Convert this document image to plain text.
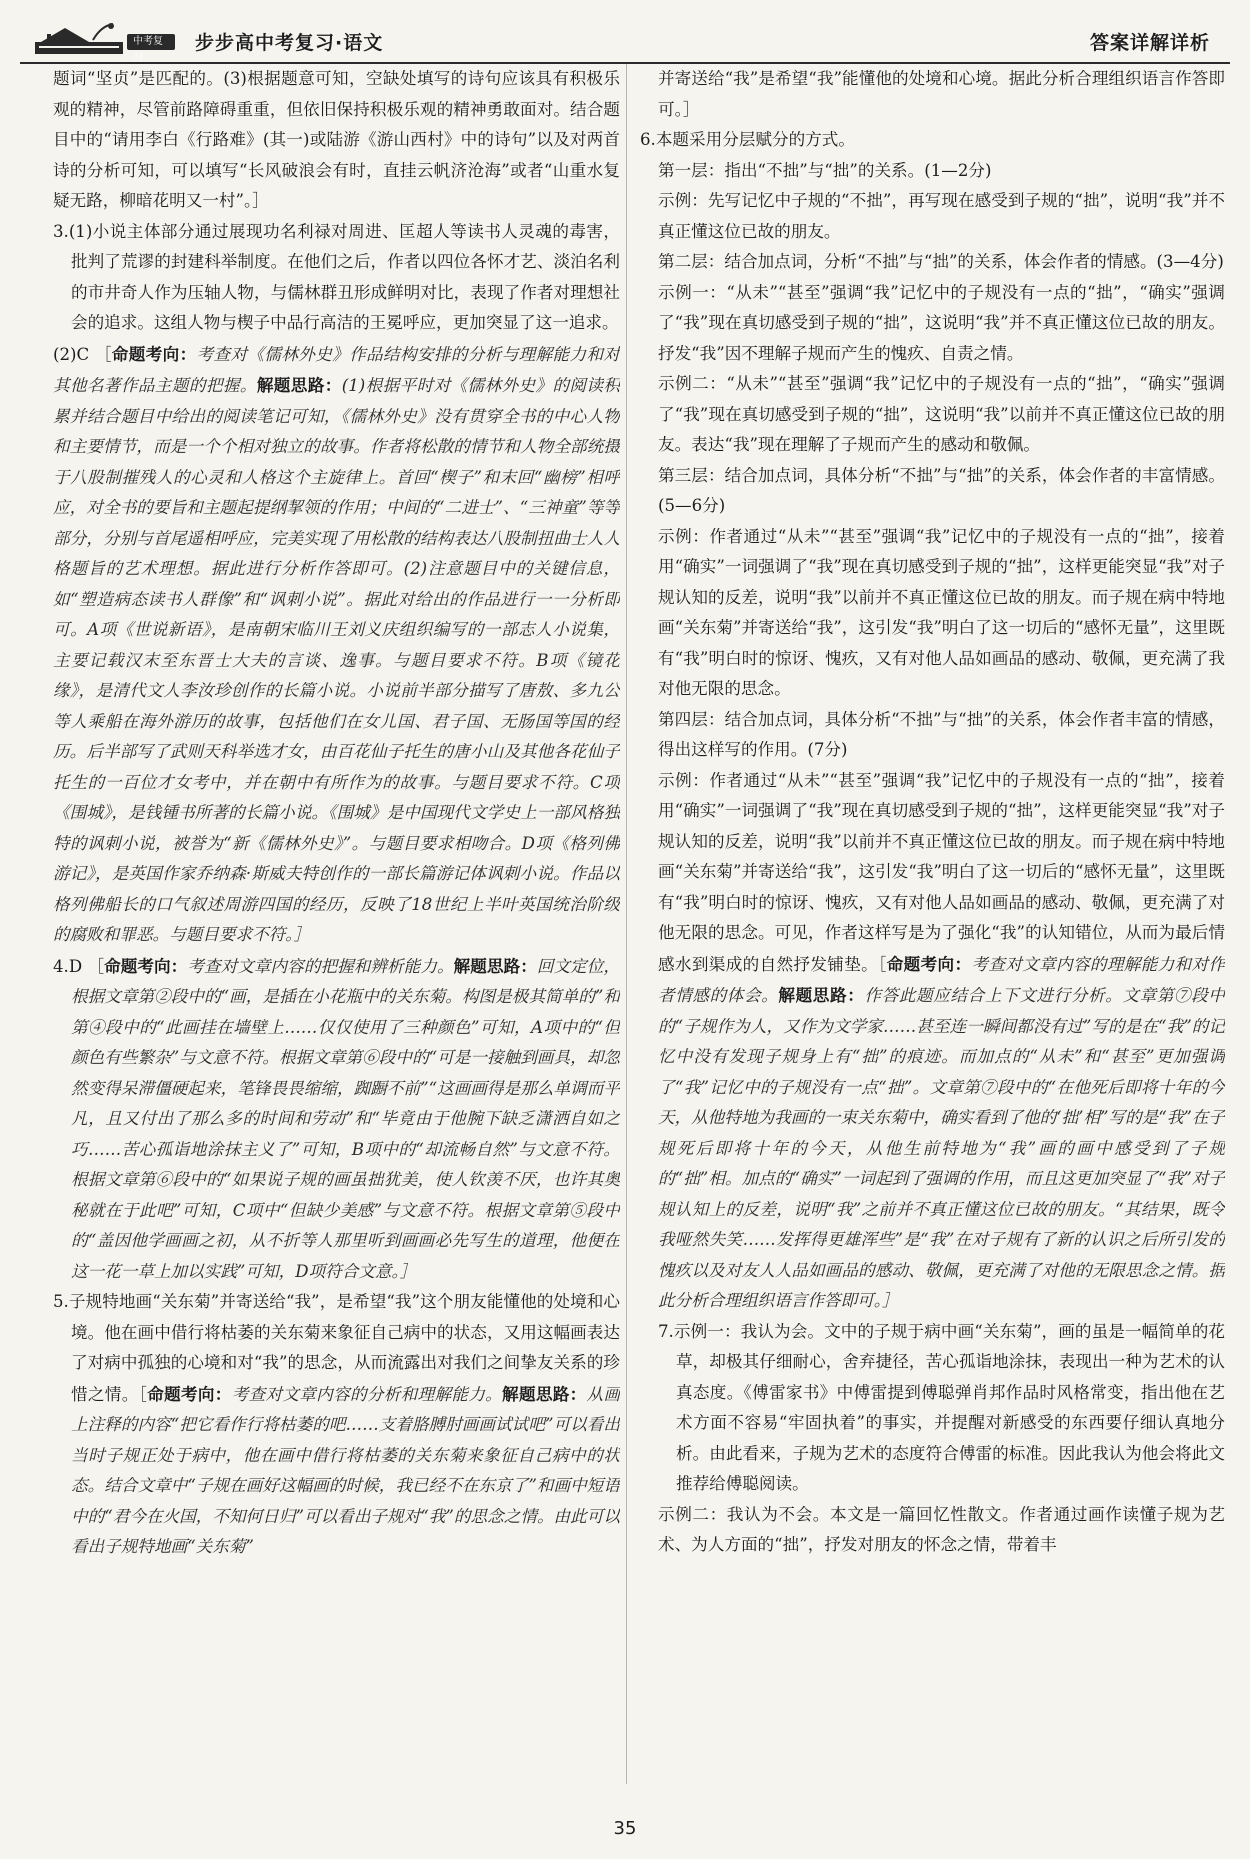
中考复习
步步高中考复习·语文	答案详解详析

题词“坚贞”是匹配的。(3)根据题意可知，空缺处填写的诗句应该具有积极乐观的精神，尽管前路障碍重重，但依旧保持积极乐观的精神勇敢面对。结合题目中的“请用李白《行路难》(其一)或陆游《游山西村》中的诗句”以及对两首诗的分析可知，可以填写“长风破浪会有时，直挂云帆济沧海”或者“山重水复疑无路，柳暗花明又一村”。］

3.(1)小说主体部分通过展现功名利禄对周进、匡超人等读书人灵魂的毒害，批判了荒谬的封建科举制度。在他们之后，作者以四位各怀才艺、淡泊名利的市井奇人作为压轴人物，与儒林群丑形成鲜明对比，表现了作者对理想社会的追求。这组人物与楔子中品行高洁的王冕呼应，更加突显了这一追求。

(2)C ［命题考向：考查对《儒林外史》作品结构安排的分析与理解能力和对其他名著作品主题的把握。解题思路：(1)根据平时对《儒林外史》的阅读积累并结合题目中给出的阅读笔记可知，《儒林外史》没有贯穿全书的中心人物和主要情节，而是一个个相对独立的故事。作者将松散的情节和人物全部统摄于八股制摧残人的心灵和人格这个主旋律上。首回“楔子”和末回“幽榜”相呼应，对全书的要旨和主题起提纲挈领的作用；中间的“二进士”、“三神童”等等部分，分别与首尾遥相呼应，完美实现了用松散的结构表达八股制扭曲士人人格题旨的艺术理想。据此进行分析作答即可。(2)注意题目中的关键信息，如“塑造病态读书人群像”和“讽刺小说”。据此对给出的作品进行一一分析即可。A项《世说新语》，是南朝宋临川王刘义庆组织编写的一部志人小说集，主要记载汉末至东晋士大夫的言谈、逸事。与题目要求不符。B项《镜花缘》，是清代文人李汝珍创作的长篇小说。小说前半部分描写了唐敖、多九公等人乘船在海外游历的故事，包括他们在女儿国、君子国、无肠国等国的经历。后半部写了武则天科举选才女，由百花仙子托生的唐小山及其他各花仙子托生的一百位才女考中，并在朝中有所作为的故事。与题目要求不符。C项《围城》，是钱锺书所著的长篇小说。《围城》是中国现代文学史上一部风格独特的讽刺小说，被誉为“新《儒林外史》”。与题目要求相吻合。D项《格列佛游记》，是英国作家乔纳森·斯威夫特创作的一部长篇游记体讽刺小说。作品以格列佛船长的口气叙述周游四国的经历，反映了18世纪上半叶英国统治阶级的腐败和罪恶。与题目要求不符。］

4.D ［命题考向：考查对文章内容的把握和辨析能力。解题思路：回文定位，根据文章第②段中的“画，是插在小花瓶中的关东菊。构图是极其简单的”和第④段中的“此画挂在墙壁上……仅仅使用了三种颜色”可知，A项中的“但颜色有些繁杂”与文意不符。根据文章第⑥段中的“可是一接触到画具，却忽然变得呆滞僵硬起来，笔锋畏畏缩缩，踟蹰不前”“这画画得是那么单调而平凡，且又付出了那么多的时间和劳动”和“毕竟由于他腕下缺乏潇洒自如之巧……苦心孤诣地涂抹主义了”可知，B项中的“却流畅自然”与文意不符。根据文章第⑥段中的“如果说子规的画虽拙犹美，使人钦羡不厌，也许其奥秘就在于此吧”可知，C项中“但缺少美感”与文意不符。根据文章第⑤段中的“盖因他学画画之初，从不折等人那里听到画画必先写生的道理，他便在这一花一草上加以实践”可知，D项符合文意。］

5.子规特地画“关东菊”并寄送给“我”，是希望“我”这个朋友能懂他的处境和心境。他在画中借行将枯萎的关东菊来象征自己病中的状态，又用这幅画表达了对病中孤独的心境和对“我”的思念，从而流露出对我们之间挚友关系的珍惜之情。［命题考向：考查对文章内容的分析和理解能力。解题思路：从画上注释的内容“把它看作行将枯萎的吧……支着胳膊肘画画试试吧”可以看出当时子规正处于病中，他在画中借行将枯萎的关东菊来象征自己病中的状态。结合文章中“子规在画好这幅画的时候，我已经不在东京了”和画中短语中的“君今在火国，不知何日归”可以看出子规对“我”的思念之情。由此可以看出子规特地画“关东菊”

并寄送给“我”是希望“我”能懂他的处境和心境。据此分析合理组织语言作答即可。］

6.本题采用分层赋分的方式。

第一层：指出“不拙”与“拙”的关系。(1—2分)

示例：先写记忆中子规的“不拙”，再写现在感受到子规的“拙”，说明“我”并不真正懂这位已故的朋友。

第二层：结合加点词，分析“不拙”与“拙”的关系，体会作者的情感。(3—4分)

示例一：“从未”“甚至”强调“我”记忆中的子规没有一点的“拙”，“确实”强调了“我”现在真切感受到子规的“拙”，这说明“我”并不真正懂这位已故的朋友。抒发“我”因不理解子规而产生的愧疚、自责之情。

示例二：“从未”“甚至”强调“我”记忆中的子规没有一点的“拙”，“确实”强调了“我”现在真切感受到子规的“拙”，这说明“我”以前并不真正懂这位已故的朋友。表达“我”现在理解了子规而产生的感动和敬佩。

第三层：结合加点词，具体分析“不拙”与“拙”的关系，体会作者的丰富情感。(5—6分)

示例：作者通过“从未”“甚至”强调“我”记忆中的子规没有一点的“拙”，接着用“确实”一词强调了“我”现在真切感受到子规的“拙”，这样更能突显“我”对子规认知的反差，说明“我”以前并不真正懂这位已故的朋友。而子规在病中特地画“关东菊”并寄送给“我”，这引发“我”明白了这一切后的“感怀无量”，这里既有“我”明白时的惊讶、愧疚，又有对他人品如画品的感动、敬佩，更充满了我对他无限的思念。

第四层：结合加点词，具体分析“不拙”与“拙”的关系，体会作者丰富的情感，得出这样写的作用。(7分)

示例：作者通过“从未”“甚至”强调“我”记忆中的子规没有一点的“拙”，接着用“确实”一词强调了“我”现在真切感受到子规的“拙”，这样更能突显“我”对子规认知的反差，说明“我”以前并不真正懂这位已故的朋友。而子规在病中特地画“关东菊”并寄送给“我”，这引发“我”明白了这一切后的“感怀无量”，这里既有“我”明白时的惊讶、愧疚，又有对他人品如画品的感动、敬佩，更充满了对他无限的思念。可见，作者这样写是为了强化“我”的认知错位，从而为最后情感水到渠成的自然抒发铺垫。［命题考向：考查对文章内容的理解能力和对作者情感的体会。解题思路：作答此题应结合上下文进行分析。文章第⑦段中的“子规作为人，又作为文学家……甚至连一瞬间都没有过”写的是在“我”的记忆中没有发现子规身上有“拙”的痕迹。而加点的“从未”和“甚至”更加强调了“我”记忆中的子规没有一点“拙”。文章第⑦段中的“在他死后即将十年的今天，从他特地为我画的一束关东菊中，确实看到了他的‘拙’相”写的是“我”在子规死后即将十年的今天，从他生前特地为“我”画的画中感受到了子规的“拙”相。加点的“确实”一词起到了强调的作用，而且这更加突显了“我”对子规认知上的反差，说明“我”之前并不真正懂这位已故的朋友。“其结果，既令我哑然失笑……发挥得更雄浑些”是“我”在对子规有了新的认识之后所引发的愧疚以及对友人人品如画品的感动、敬佩，更充满了对他的无限思念之情。据此分析合理组织语言作答即可。］

7.示例一：我认为会。文中的子规于病中画“关东菊”，画的虽是一幅简单的花草，却极其仔细耐心，舍弃捷径，苦心孤诣地涂抹，表现出一种为艺术的认真态度。《傅雷家书》中傅雷提到傅聪弹肖邦作品时风格常变，指出他在艺术方面不容易“牢固执着”的事实，并提醒对新感受的东西要仔细认真地分析。由此看来，子规为艺术的态度符合傅雷的标准。因此我认为他会将此文推荐给傅聪阅读。

示例二：我认为不会。本文是一篇回忆性散文。作者通过画作读懂子规为艺术、为人方面的“拙”，抒发对朋友的怀念之情，带着丰

35
